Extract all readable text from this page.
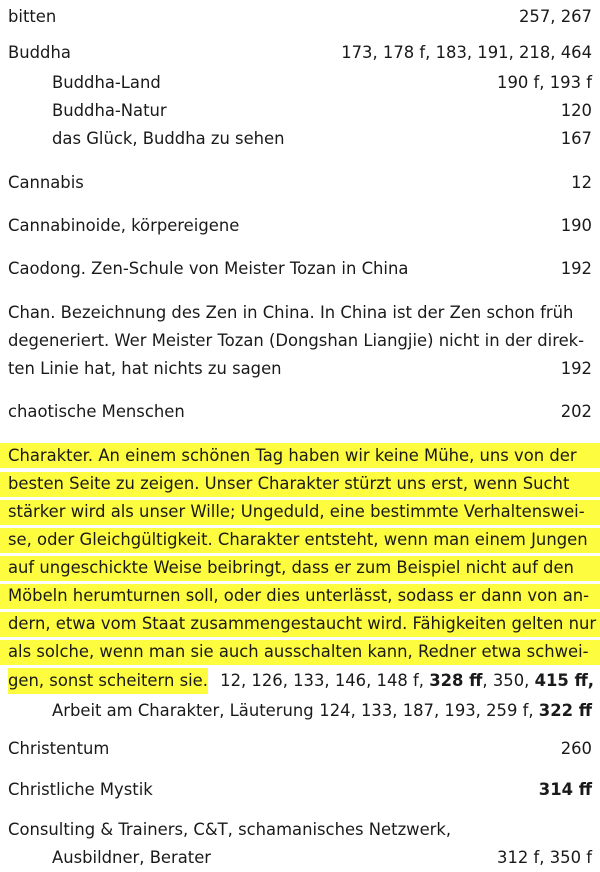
bitten	257, 267
Buddha	173, 178 f, 183, 191, 218, 464
Buddha-Land	190 f, 193 f
Buddha-Natur	120
das Glück, Buddha zu sehen	167
Cannabis	12
Cannabinoide, körpereigene	190
Caodong. Zen-Schule von Meister Tozan in China	192
Chan. Bezeichnung des Zen in China. In China ist der Zen schon früh
degeneriert. Wer Meister Tozan (Dongshan Liangjie) nicht in der direk-
ten Linie hat, hat nichts zu sagen	192
chaotische Menschen	202
Charakter. An einem schönen Tag haben wir keine Mühe, uns von der
besten Seite zu zeigen. Unser Charakter stürzt uns erst, wenn Sucht
stärker wird als unser Wille; Ungeduld, eine bestimmte Verhaltenswei-
se, oder Gleichgültigkeit. Charakter entsteht, wenn man einem Jungen
auf ungeschickte Weise beibringt, dass er zum Beispiel nicht auf den
Möbeln herumturnen soll, oder dies unterlässt, sodass er dann von an-
dern, etwa vom Staat zusammengestaucht wird. Fähigkeiten gelten nur
als solche, wenn man sie auch ausschalten kann, Redner etwa schwei-
gen, sonst scheitern sie. 12, 126, 133, 146, 148 f, 328 ff, 350, 415 ff,
Arbeit am Charakter, Läuterung 124, 133, 187, 193, 259 f, 322 ff
Christentum	260
Christliche Mystik	314 ff
Consulting & Trainers, C&T, schamanisches Netzwerk,
Ausbildner, Berater	312 f, 350 f
